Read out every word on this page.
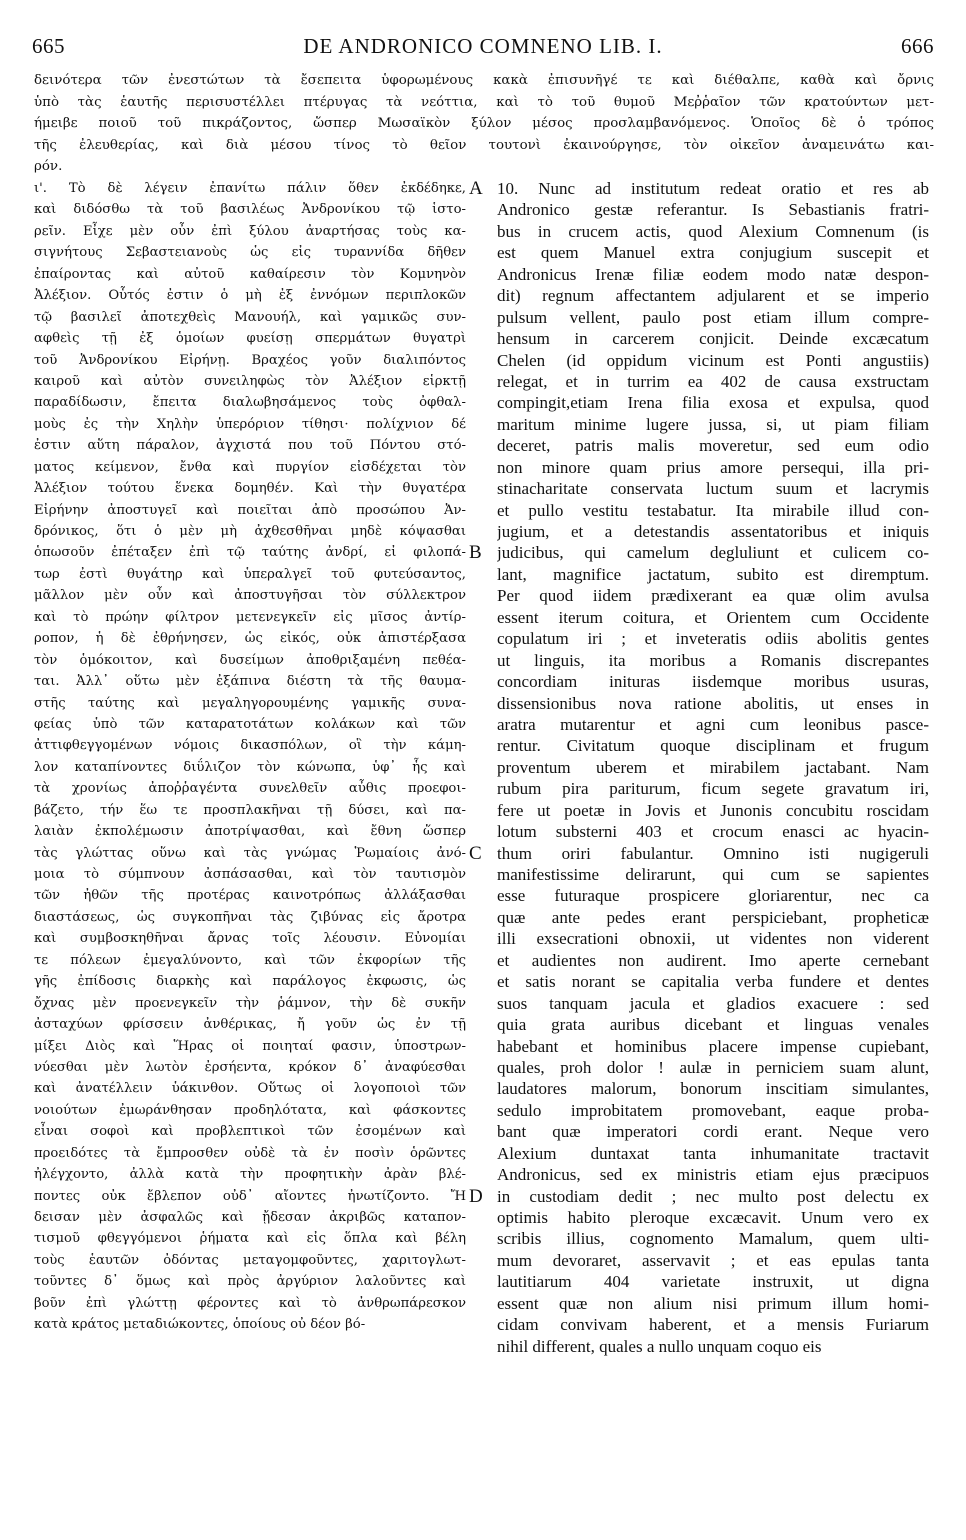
665	DE ANDRONICO COMNENO LIB. I.	666
δεινότερα τῶν ἐνεστώτων τὰ ἔσεπειτα ὑφορωμένους κακὰ ἐπισυνῆγέ τε καὶ διέθαλπε, καθὰ καὶ ὄρνις
ὑπὸ τὰς ἑαυτῆς περισυστέλλει πτέρυγας τὰ νεόττια, καὶ τὸ τοῦ θυμοῦ Μεῤῥαῖον τῶν κρατούντων μετ-
ήμειβε ποιοῦ τοῦ πικράζοντος, ὥσπερ Μωσαϊκὸν ξύλον μέσος προσλαμβανόμενος. Ὁποῖος δὲ ὁ τρόπος
τῆς ἐλευθερίας, καὶ διὰ μέσου τίνος τὸ θεῖον τουτονὶ ἐκαινούργησε, τὸν οἰκεῖον ἀναμεινάτω και-
ρόν.
ι'. Τὸ δὲ λέγειν ἐπανίτω πάλιν ὅθεν ἐκδέδηκε,
καὶ διδόσθω τὰ τοῦ βασιλέως Ἀνδρονίκου τῷ ἱστο-
ρεῖν. Εἶχε μὲν οὖν ἐπὶ ξύλου ἀναρτήσας τοὺς κα-
σιγνήτους Σεβαστειανοὺς ὡς εἰς τυραννίδα δῆθεν
ἐπαίροντας καὶ αὐτοῦ καθαίρεσιν τὸν Κομνηνὸν
Ἀλέξιον. Οὗτός ἐστιν ὁ μὴ ἐξ ἐννόμων περιπλοκῶν
τῷ βασιλεῖ ἀποτεχθεὶς Μανουήλ, καὶ γαμικῶς συν-
αφθεὶς τῇ ἐξ ὁμοίων φυείσῃ σπερμάτων θυγατρὶ
τοῦ Ἀνδρονίκου Εἰρήνῃ. Βραχέος γοῦν διαλιπόντος
καιροῦ καὶ αὐτὸν συνειληφὼς τὸν Ἀλέξιον εἱρκτῇ
παραδίδωσιν, ἔπειτα διαλωβησάμενος τοὺς ὀφθαλ-
μοὺς ἐς τὴν Χηλὴν ὑπερόριον τίθησι· πολίχνιον δέ
ἐστιν αὕτη πάραλον, ἀγχιστά που τοῦ Πόντου στό-
ματος κείμενον, ἔνθα καὶ πυργίον εἰσδέχεται τὸν
Ἀλέξιον τούτου ἕνεκα δομηθέν. Καὶ τὴν θυγατέρα
Εἰρήνην ἀποστυγεῖ καὶ ποιεῖται ἀπὸ προσώπου Ἀν-
δρόνικος, ὅτι ὁ μὲν μὴ ἀχθεσθῆναι μηδὲ κόψασθαι
ὁπωσοῦν ἐπέταξεν ἐπὶ τῷ ταύτης ἀνδρί, εἰ φιλοπά-
τωρ ἐστὶ θυγάτηρ καὶ ὑπεραλγεῖ τοῦ φυτεύσαντος,
μᾶλλον μὲν οὖν καὶ ἀποστυγῆσαι τὸν σύλλεκτρον
καὶ τὸ πρώην φίλτρον μετενεγκεῖν εἰς μῖσος ἀντίρ-
ροπον, ἡ δὲ ἐθρήνησεν, ὡς εἰκός, οὐκ ἀπιστέρξασα
τὸν ὁμόκοιτον, καὶ δυσείμων ἀποθριξαμένη πεθέα-
ται. Ἀλλ᾽ οὕτω μὲν ἐξάπινα διέστη τὰ τῆς θαυμα-
στῆς ταύτης καὶ μεγαληγορουμένης γαμικῆς συνα-
φείας ὑπὸ τῶν καταρατοτάτων κολάκων καὶ τῶν
ἀττιφθεγγομένων νόμοις δικασπόλων, οἳ τὴν κάμη-
λον καταπίνοντες διΰλιζον τὸν κώνωπα, ὑφ᾽ ἧς καὶ
τὰ χρονίως ἀποῤῥαγέντα συνελθεῖν αὖθις προεφοι-
βάζετο, τήν ἕω τε προσπλακῆναι τῇ δύσει, καὶ πα-
λαιὰν ἐκπολέμωσιν ἀποτρίψασθαι, καὶ ἔθνη ὥσπερ
τὰς γλώττας οὕνω καὶ τὰς γνώμας Ῥωμαίοις ἀνό-
μοια τὸ σύμπνουν ἀσπάσασθαι, καὶ τὸν ταυτισμὸν
τῶν ἠθῶν τῆς προτέρας καινοτρόπως ἀλλάξασθαι
διαστάσεως, ὡς συγκοπῆναι τὰς ζιβύνας εἰς ἄροτρα
καὶ συμβοσκηθῆναι ἄρνας τοῖς λέουσιν. Εὐνομίαι
τε πόλεων ἐμεγαλύνοντο, καὶ τῶν ἐκφορίων τῆς
γῆς ἐπίδοσις διαρκὴς καὶ παράλογος ἐκφωσις, ὡς
ὄχνας μὲν προενεγκεῖν τὴν ῥάμνον, τὴν δὲ συκῆν
ἀσταχύων φρίσσειν ἀνθέρικας, ἤ γοῦν ὡς ἐν τῇ
μίξει Διὸς καὶ Ἥρας οἱ ποιηταί φασιν, ὑποστρων-
νύεσθαι μὲν λωτὸν ἐρσήεντα, κρόκον δ᾽ ἀναφύεσθαι
καὶ ἀνατέλλειν ὑάκινθον. Οὕτως οἱ λογοποιοὶ τῶν
νοιούτων ἐμωράνθησαν προδηλότατα, καὶ φάσκοντες
εἶναι σοφοὶ καὶ προβλεπτικοὶ τῶν ἐσομένων καὶ
προειδότες τὰ ἔμπροσθεν οὐδὲ τὰ ἐν ποσὶν ὁρῶντες
ἠλέγχοντο, ἀλλὰ κατὰ τὴν προφητικὴν ἀρὰν βλέ-
ποντες οὐκ ἔβλεπον οὐδ᾽ αἴοντες ἠνωτίζοντο. Ἤ
δεισαν μὲν ἀσφαλῶς καὶ ᾔδεσαν ἀκριβῶς καταπον-
τισμοῦ φθεγγόμενοι ῥήματα καὶ εἰς ὅπλα καὶ βέλη
τοὺς ἑαυτῶν ὀδόντας μεταγομφοῦντες, χαριτογλωτ-
τοῦντες δ᾽ ὅμως καὶ πρὸς ἀργύριον λαλοῦντες καὶ
βοῦν ἐπὶ γλώττῃ φέροντες καὶ τὸ ἀνθρωπάρεσκον
κατὰ κράτος μεταδιώκοντες, ὁποίους οὐ δέον βό-
10. Nunc ad institutum redeat oratio et res ab
Andronico gestæ referantur. Is Sebastianis fratri-
bus in crucem actis, quod Alexium Comnenum (is
est quem Manuel extra conjugium suscepit et
Andronicus Irenæ filiæ eodem modo natæ despon-
dit) regnum affectantem adjularent et se imperio
pulsum vellent, paulo post etiam illum compre-
hensum in carcerem conjicit. Deinde excæcatum
Chelen (id oppidum vicinum est Ponti angustiis)
relegat, et in turrim ea 402 de causa exstructam
compingit,etiam Irena filia exosa et expulsa, quod
maritum minime lugere jussa, si, ut piam filiam
deceret, patris malis moveretur, sed eum odio
non minore quam prius amore persequi, illa pri-
stinacharitate conservata luctum suum et lacrymis
et pullo vestitu testabatur. Ita mirabile illud con-
jugium, et a detestandis assentatoribus et iniquis
judicibus, qui camelum degluliunt et culicem co-
lant, magnifice jactatum, subito est diremptum.
Per quod iidem prædixerant ea quæ olim avulsa
essent iterum coitura, et Orientem cum Occidente
copulatum iri ; et inveteratis odiis abolitis gentes
ut linguis, ita moribus a Romanis discrepantes
concordiam inituras iisdemque moribus usuras,
dissensionibus nova ratione abolitis, ut enses in
aratra mutarentur et agni cum leonibus pasce-
rentur. Civitatum quoque disciplinam et frugum
proventum uberem et mirabilem jactabant. Nam
rubum pira pariturum, ficum segete gravatum iri,
fere ut poetæ in Jovis et Junonis concubitu roscidam
lotum substerni 403 et crocum enasci ac hyacin-
thum oriri fabulantur. Omnino isti nugigeruli
manifestissime delirarunt, qui cum se sapientes
esse futuraque prospicere gloriarentur, nec ca
quæ ante pedes erant perspiciebant, propheticæ
illi exsecrationi obnoxii, ut videntes non viderent
et audientes non audirent. Imo aperte cernebant
et satis norant se capitalia verba fundere et dentes
suos tanquam jacula et gladios exacuere : sed
quia grata auribus dicebant et linguas venales
habebant et hominibus placere impense cupiebant,
quales, proh dolor ! aulæ in perniciem suam alunt,
laudatores malorum, bonorum inscitiam simulantes,
sedulo improbitatem promovebant, eaque proba-
bant quæ imperatori cordi erant. Neque vero
Alexium duntaxat tanta inhumanitate tractavit
Andronicus, sed ex ministris etiam ejus præcipuos
in custodiam dedit ; nec multo post delectu ex
optimis habito pleroque excæcavit. Unum vero ex
scribis illius, cognomento Mamalum, quem ulti-
mum devoraret, asservavit ; et eas epulas tanta
lautitiarum 404 varietate instruxit, ut digna
essent quæ non alium nisi primum illum homi-
cidam convivam haberent, et a mensis Furiarum
nihil different, quales a nullo unquam coquo eis
A
B
C
D
